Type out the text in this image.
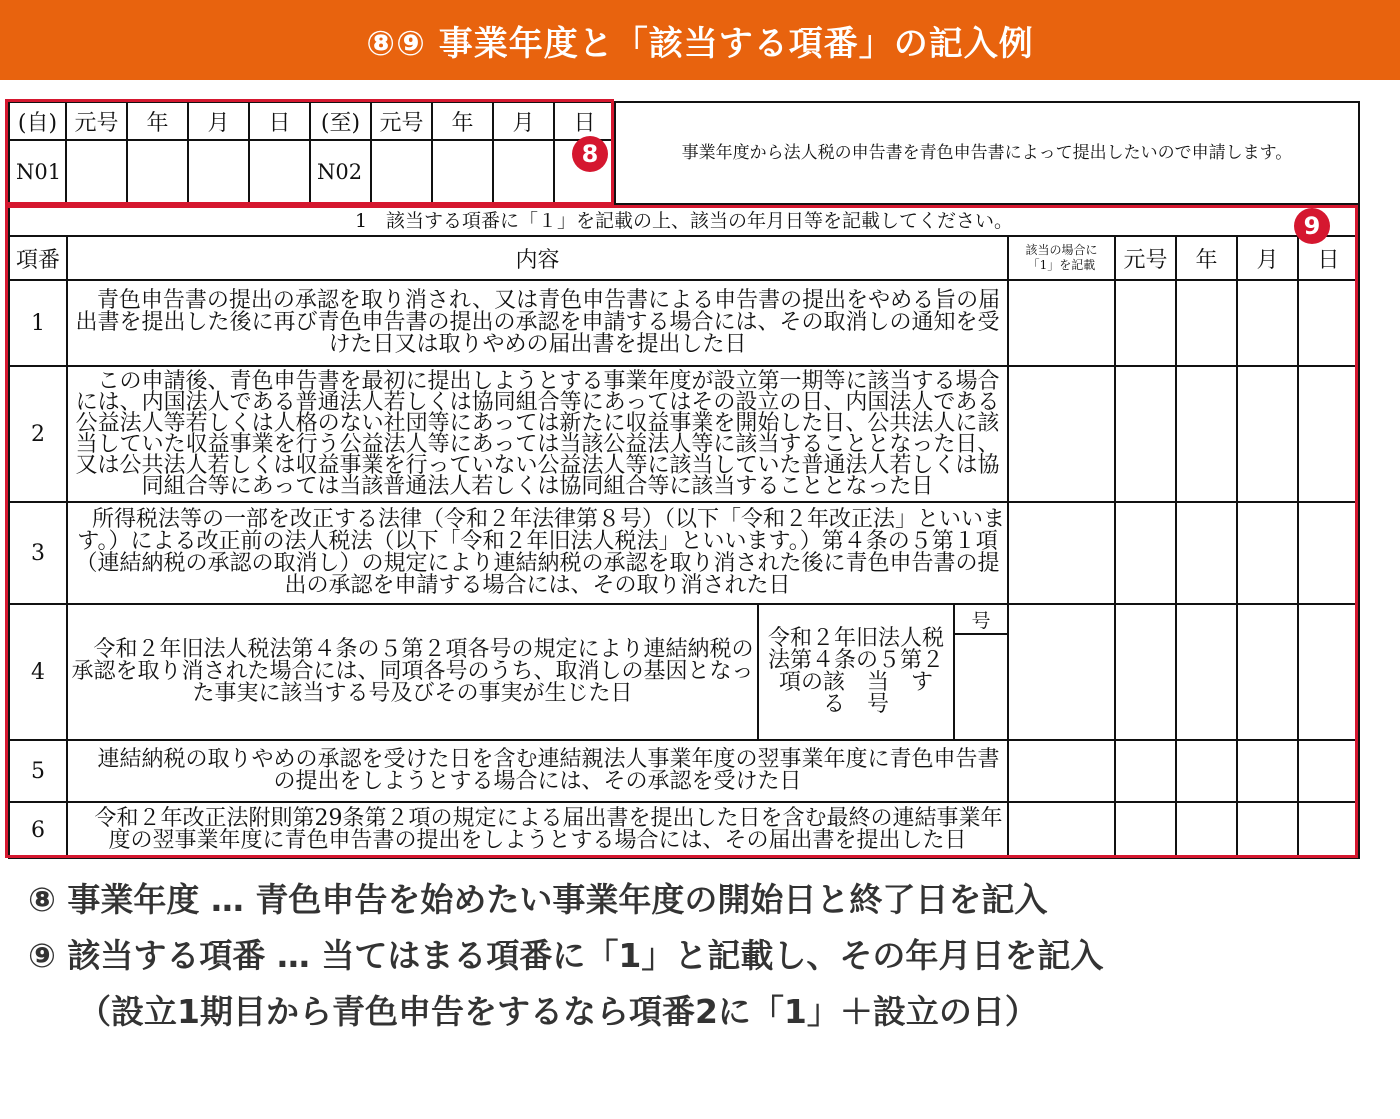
⑧⑨ 事業年度と「該当する項番」の記入例
(自)	元号	年	月	日	(至)	元号	年	月	日	事業年度から法人税の申告書を青色申告書によって提出したいので申請します。
N01					N02					
1　該当する項番に「１」を記載の上、該当の年月日等を記載してください。								
項番	内容			該当の場合に「1」を記載	元号	年	月	日
1	　青色申告書の提出の承認を取り消され、又は青色申告書による申告書の提出をやめる旨の届出書を提出した後に再び青色申告書の提出の承認を申請する場合には、その取消しの通知を受けた日又は取りやめの届出書を提出した日							
2	　この申請後、青色申告書を最初に提出しようとする事業年度が設立第一期等に該当する場合には、内国法人である普通法人若しくは協同組合等にあってはその設立の日、内国法人である公益法人等若しくは人格のない社団等にあっては新たに収益事業を開始した日、公共法人に該当していた収益事業を行う公益法人等にあっては当該公益法人等に該当することとなった日、又は公共法人若しくは収益事業を行っていない公益法人等に該当していた普通法人若しくは協同組合等にあっては当該普通法人若しくは協同組合等に該当することとなった日							
3	　所得税法等の一部を改正する法律（令和２年法律第８号）（以下「令和２年改正法」といいます。）による改正前の法人税法（以下「令和２年旧法人税法」といいます。）第４条の５第１項（連結納税の承認の取消し）の規定により連結納税の承認を取り消された後に青色申告書の提出の承認を申請する場合には、その取り消された日							
4	　令和２年旧法人税法第４条の５第２項各号の規定により連結納税の承認を取り消された場合には、同項各号のうち、取消しの基因となった事実に該当する号及びその事実が生じた日	令和２年旧法人税法第４条の５第２項の該　当　す　る　号	号					

5	　連結納税の取りやめの承認を受けた日を含む連結親法人事業年度の翌事業年度に青色申告書の提出をしようとする場合には、その承認を受けた日							
6	　令和２年改正法附則第29条第２項の規定による届出書を提出した日を含む最終の連結事業年度の翌事業年度に青色申告書の提出をしようとする場合には、その届出書を提出した日							
8
9
⑧ 事業年度 … 青色申告を始めたい事業年度の開始日と終了日を記入
⑨ 該当する項番 … 当てはまる項番に「1」と記載し、その年月日を記入
（設立1期目から青色申告をするなら項番2に「1」＋設立の日）
